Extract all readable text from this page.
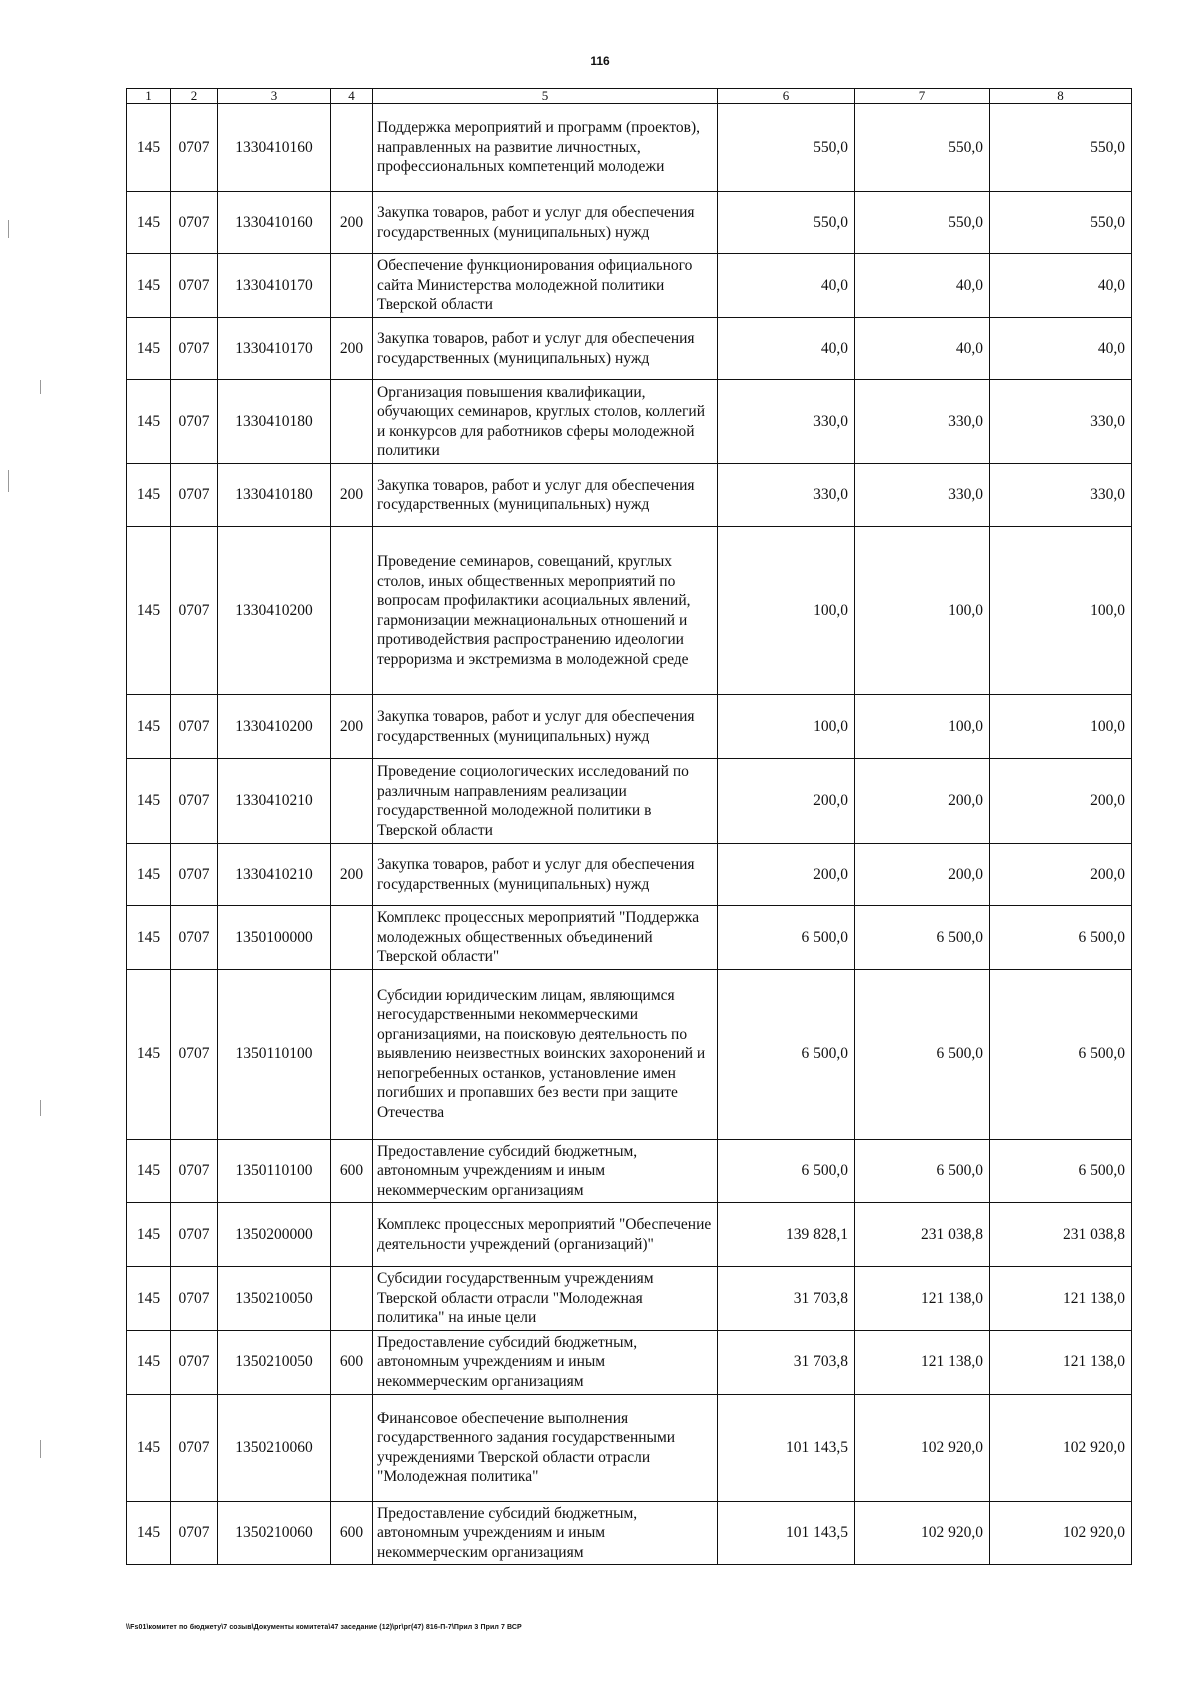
116
1	2	3	4	5	6	7	8
145	0707	1330410160		Поддержка мероприятий и программ (проектов), направленных на развитие личностных, профессиональных компетенций молодежи	550,0	550,0	550,0
145	0707	1330410160	200	Закупка товаров, работ и услуг для обеспечения государственных (муниципальных) нужд	550,0	550,0	550,0
145	0707	1330410170		Обеспечение функционирования официального сайта Министерства молодежной политики Тверской области	40,0	40,0	40,0
145	0707	1330410170	200	Закупка товаров, работ и услуг для обеспечения государственных (муниципальных) нужд	40,0	40,0	40,0
145	0707	1330410180		Организация повышения квалификации, обучающих семинаров, круглых столов, коллегий и конкурсов для работников сферы молодежной политики	330,0	330,0	330,0
145	0707	1330410180	200	Закупка товаров, работ и услуг для обеспечения государственных (муниципальных) нужд	330,0	330,0	330,0
145	0707	1330410200		Проведение семинаров, совещаний, круглых столов, иных общественных мероприятий по вопросам профилактики асоциальных явлений, гармонизации межнациональных отношений и противодействия распространению идеологии терроризма и экстремизма в молодежной среде	100,0	100,0	100,0
145	0707	1330410200	200	Закупка товаров, работ и услуг для обеспечения государственных (муниципальных) нужд	100,0	100,0	100,0
145	0707	1330410210		Проведение социологических исследований по различным направлениям реализации государственной молодежной политики в Тверской области	200,0	200,0	200,0
145	0707	1330410210	200	Закупка товаров, работ и услуг для обеспечения государственных (муниципальных) нужд	200,0	200,0	200,0
145	0707	1350100000		Комплекс процессных мероприятий "Поддержка молодежных общественных объединений Тверской области"	6 500,0	6 500,0	6 500,0
145	0707	1350110100		Субсидии юридическим лицам, являющимся негосударственными некоммерческими организациями, на поисковую деятельность по выявлению неизвестных воинских захоронений и непогребенных останков, установление имен погибших и пропавших без вести при защите Отечества	6 500,0	6 500,0	6 500,0
145	0707	1350110100	600	Предоставление субсидий бюджетным, автономным учреждениям и иным некоммерческим организациям	6 500,0	6 500,0	6 500,0
145	0707	1350200000		Комплекс процессных мероприятий "Обеспечение деятельности учреждений (организаций)"	139 828,1	231 038,8	231 038,8
145	0707	1350210050		Субсидии государственным учреждениям Тверской области отрасли "Молодежная политика" на иные цели	31 703,8	121 138,0	121 138,0
145	0707	1350210050	600	Предоставление субсидий бюджетным, автономным учреждениям и иным некоммерческим организациям	31 703,8	121 138,0	121 138,0
145	0707	1350210060		Финансовое обеспечение выполнения государственного задания государственными учреждениями Тверской области отрасли "Молодежная политика"	101 143,5	102 920,0	102 920,0
145	0707	1350210060	600	Предоставление субсидий бюджетным, автономным учреждениям и иным некоммерческим организациям	101 143,5	102 920,0	102 920,0
\\Fs01\комитет по бюджету\7 созыв\Документы комитета\47 заседание (12)\рг\рг(47) 816-П-7\Прил 3 Прил 7 ВСР
